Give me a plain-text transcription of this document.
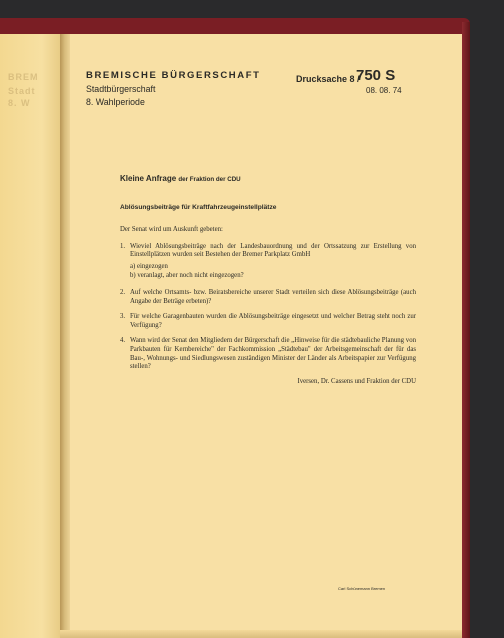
BREM
Stadt
8. W
BREMISCHE BÜRGERSCHAFT
Stadtbürgerschaft
8. Wahlperiode
Drucksache 8 /
750 S
08. 08. 74
Kleine Anfrage der Fraktion der CDU
Ablösungsbeiträge für Kraftfahrzeugeinstellplätze

Der Senat wird um Auskunft gebeten:

1. Wieviel Ablösungsbeiträge nach der Landesbauordnung und der Ortssatzung zur Erstellung von Einstellplätzen wurden seit Bestehen der Bremer Parkplatz GmbH
a) eingezogen
b) veranlagt, aber noch nicht eingezogen?
2. Auf welche Ortsamts- bzw. Beiratsbereiche unserer Stadt verteilen sich diese Ablösungsbeiträge (auch Angabe der Beträge erbeten)?
3. Für welche Garagenbauten wurden die Ablösungsbeiträge eingesetzt und welcher Betrag steht noch zur Verfügung?
4. Wann wird der Senat den Mitgliedern der Bürgerschaft die „Hinweise für die städtebauliche Planung von Parkbauten für Kernbereiche" der Fachkommission „Städtebau" der Arbeitsgemeinschaft der für das Bau-, Wohnungs- und Siedlungswesen zuständigen Minister der Länder als Arbeitspapier zur Verfügung stellen?
Iversen, Dr. Cassens und Fraktion der CDU
Carl Schünemann Bremen
